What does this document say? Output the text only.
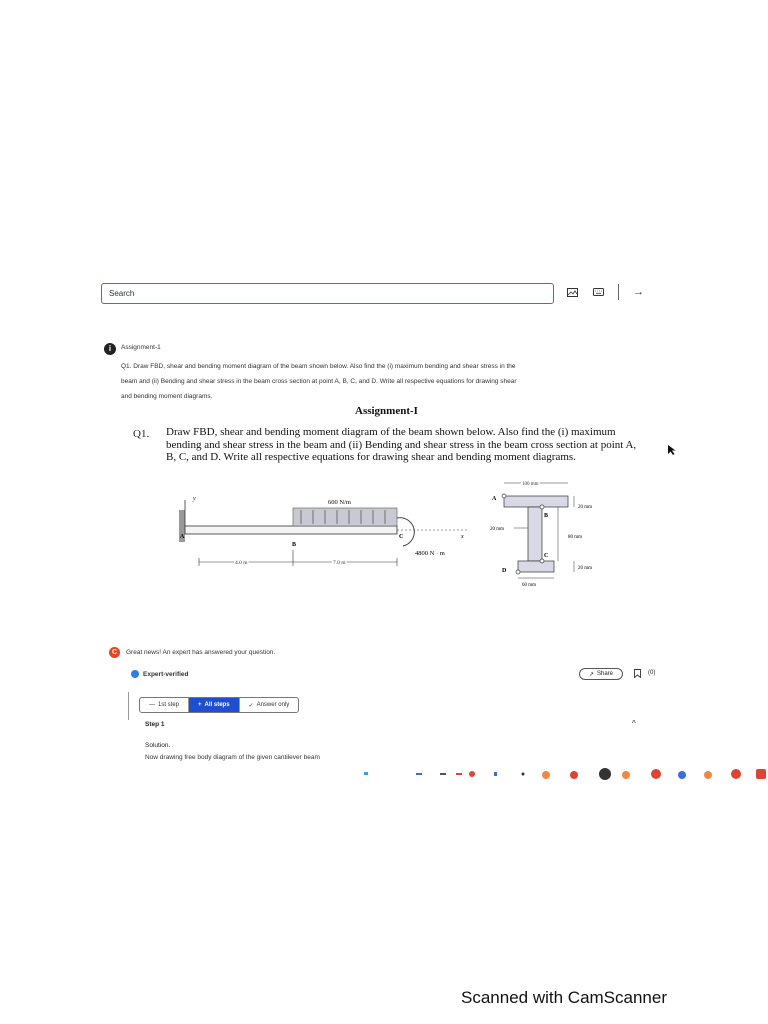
Search	→
i	Assignment-1
Q1. Draw FBD, shear and bending moment diagram of the beam shown below. Also find the (i) maximum bending and shear stress in the beam and (ii) Bending and shear stress in the beam cross section at point A, B, C, and D. Write all respective equations for drawing shear and bending moment diagrams.
Assignment-I
Q1. Draw FBD, shear and bending moment diagram of the beam shown below. Also find the (i) maximum bending and shear stress in the beam and (ii) Bending and shear stress in the beam cross section at point A, B, C, and D. Write all respective equations for drawing shear and bending moment diagrams.
y	600 N/m
4800 N · m
x
A
B
C
4.0 m	7.0 m
A
B
C
D
100 mm
20 mm
20 mm
80 mm
20 mm
60 mm
C	Great news! An expert has answered your question.
Expert-verified	↗ Share	(0)
— 1st step	+ All steps	✓ Answer only
Step 1	^
Solution.
Now drawing free body diagram of the given cantilever beam
Scanned with CamScanner
